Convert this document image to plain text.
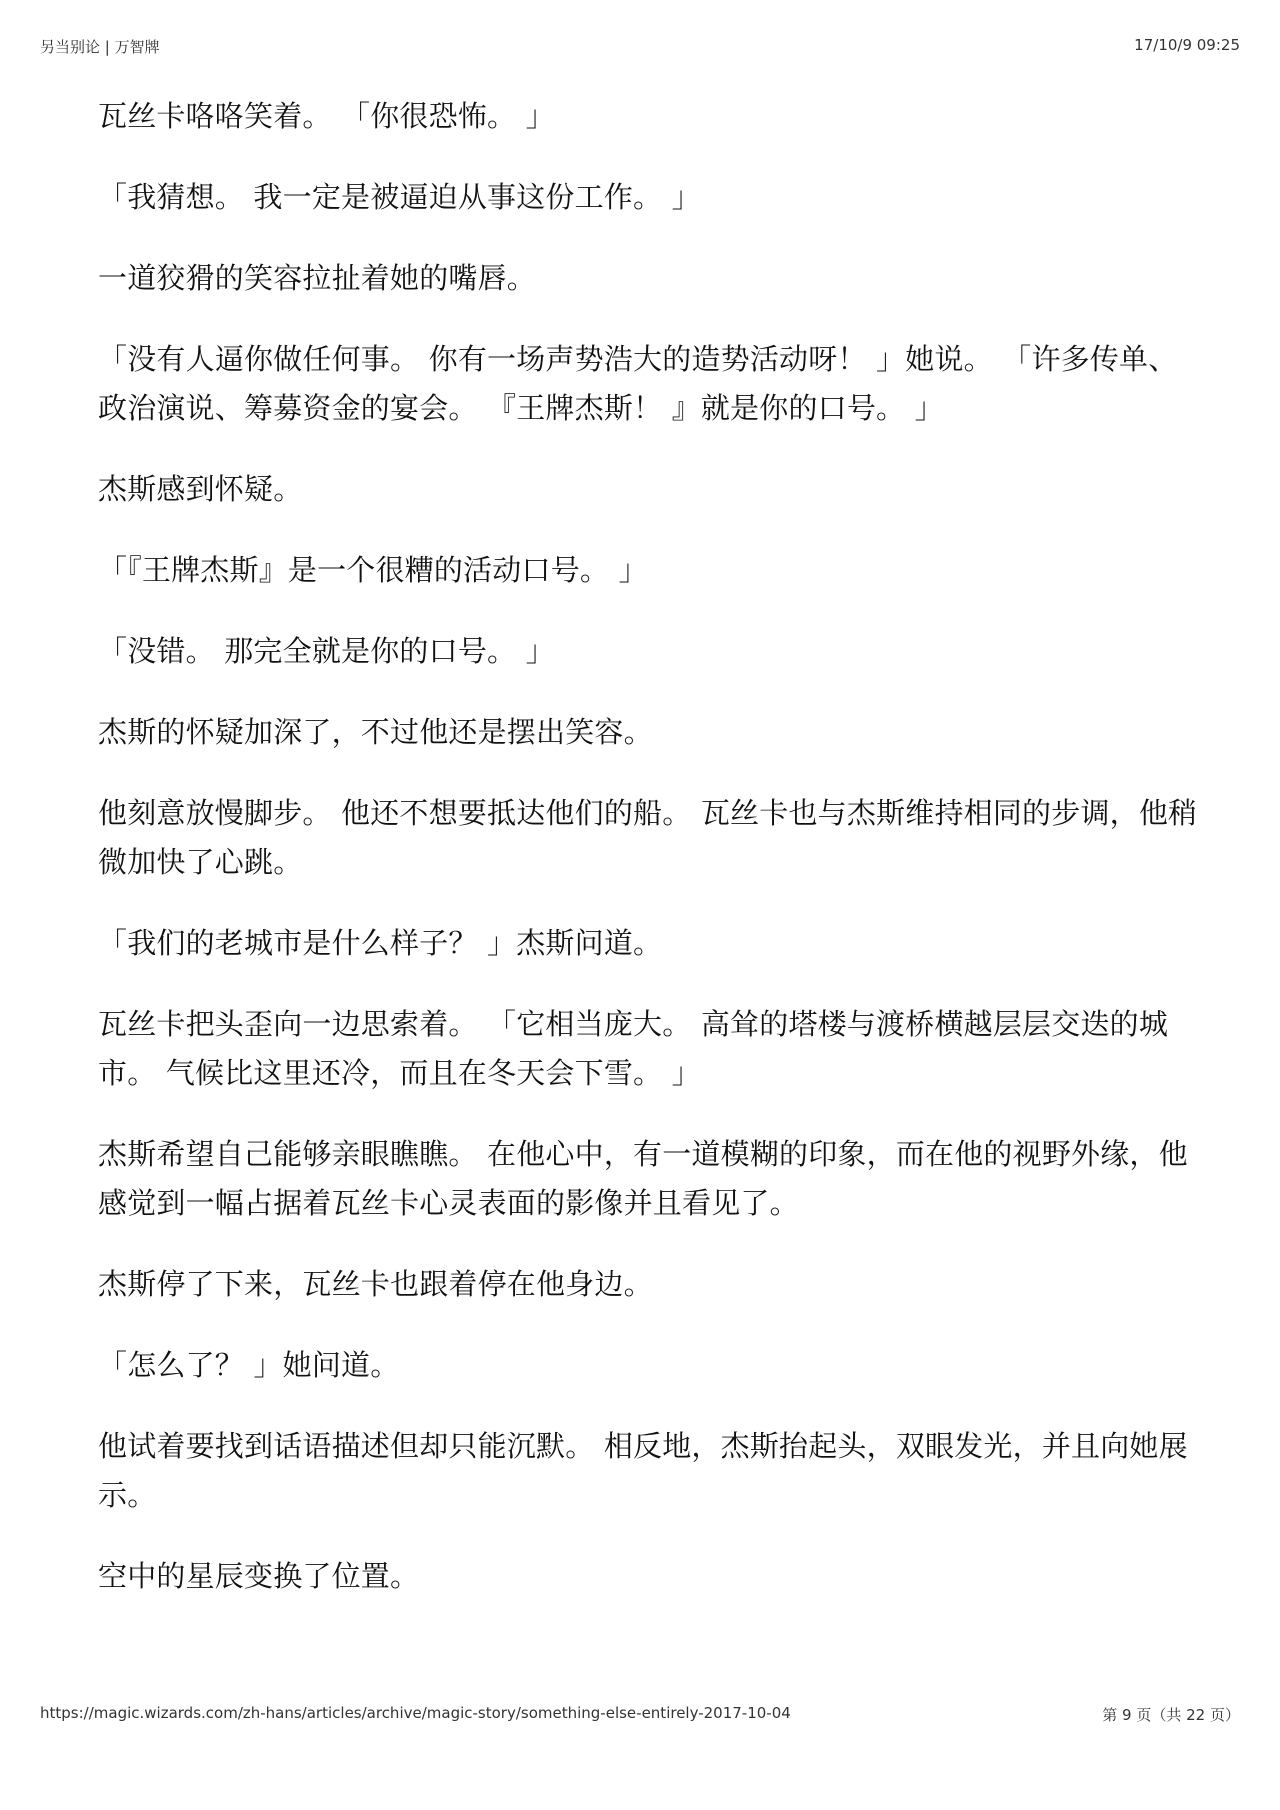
另当别论 | 万智牌	17/10/9 09:25

瓦丝卡咯咯笑着。 「你很恐怖。 」

「我猜想。 我一定是被逼迫从事这份工作。 」

一道狡猾的笑容拉扯着她的嘴唇。

「没有人逼你做任何事。 你有一场声势浩大的造势活动呀！ 」她说。 「许多传单、政治演说、筹募资金的宴会。 『王牌杰斯！ 』就是你的口号。 」

杰斯感到怀疑。

「『王牌杰斯』是一个很糟的活动口号。 」

「没错。 那完全就是你的口号。 」

杰斯的怀疑加深了，不过他还是摆出笑容。

他刻意放慢脚步。 他还不想要抵达他们的船。 瓦丝卡也与杰斯维持相同的步调，他稍微加快了心跳。

「我们的老城市是什么样子？ 」杰斯问道。

瓦丝卡把头歪向一边思索着。 「它相当庞大。 高耸的塔楼与渡桥横越层层交迭的城市。 气候比这里还冷，而且在冬天会下雪。 」

杰斯希望自己能够亲眼瞧瞧。 在他心中，有一道模糊的印象，而在他的视野外缘，他感觉到一幅占据着瓦丝卡心灵表面的影像并且看见了。

杰斯停了下来，瓦丝卡也跟着停在他身边。

「怎么了？ 」她问道。

他试着要找到话语描述但却只能沉默。 相反地，杰斯抬起头，双眼发光，并且向她展示。

空中的星辰变换了位置。

https://magic.wizards.com/zh-hans/articles/archive/magic-story/something-else-entirely-2017-10-04	第 9 页（共 22 页）
